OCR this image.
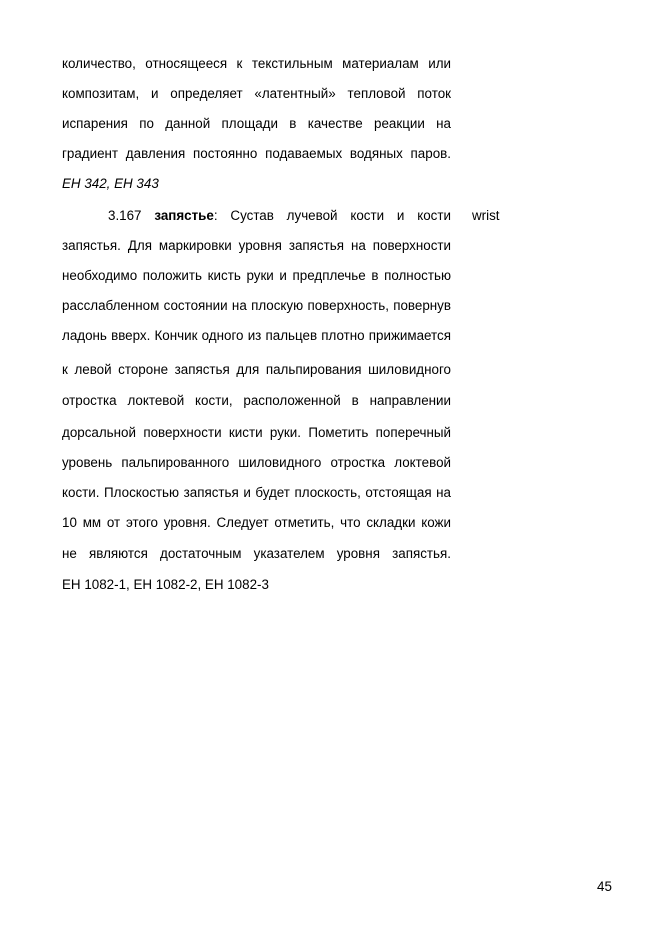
количество, относящееся к текстильным материалам или
композитам, и определяет «латентный» тепловой поток
испарения по данной площади в качестве реакции на
градиент давления постоянно подаваемых водяных паров.
ЕН 342, ЕН 343
3.167 запястье: Сустав лучевой кости и кости wrist
запястья. Для маркировки уровня запястья на поверхности
необходимо положить кисть руки и предплечье в полностью
расслабленном состоянии на плоскую поверхность, повернув
ладонь вверх. Кончик одного из пальцев плотно прижимается
к левой стороне запястья для пальпирования шиловидного
отростка локтевой кости, расположенной в направлении
дорсальной поверхности кисти руки. Пометить поперечный
уровень пальпированного шиловидного отростка локтевой
кости. Плоскостью запястья и будет плоскость, отстоящая на
10 мм от этого уровня. Следует отметить, что складки кожи
не являются достаточным указателем уровня запястья.
ЕН 1082-1, ЕН 1082-2, ЕН 1082-3
45
